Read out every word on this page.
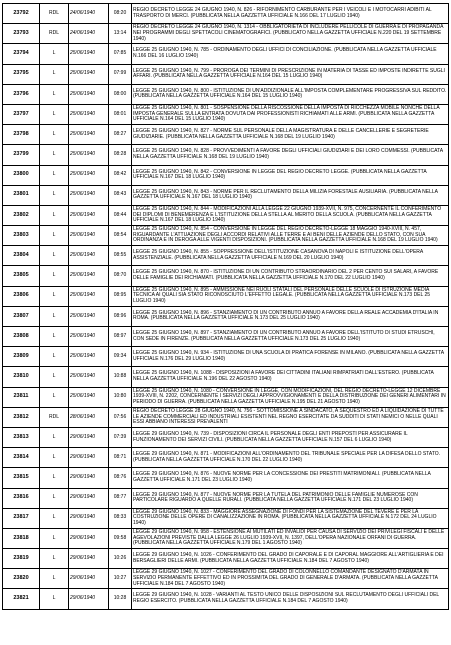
23792	RDL	24/06/1940	08:20	REGIO DECRETO LEGGE 24 GIUGNO 1940, N. 826 - RIFORNIMENTO CARBURANTE PER I VEICOLI E I MOTOCARRI ADIBITI AL TRASPORTO DI MERCI. (PUBBLICATA NELLA GAZZETTA UFFICIALE N.166 DEL 17 LUGLIO 1940)
23793	RDL	24/06/1940	13:14	REGIO DECRETO LEGGE 24 GIUGNO 1940, N. 1314 - OBBLIGATORIETA DI INCLUDERE PELLICOLE DI GUERRA E DI PROPAGANDA NEI PROGRAMMI DEGLI SPETTACOLI CINEMATOGRAFICI. (PUBBLICATO NELLA GAZZETTA UFFICIALE N.220 DEL 19 SETTEMBRE 1940)
23794	L	25/06/1940	07:85	LEGGE 25 GIUGNO 1940, N. 785 - ORDINAMENTO DEGLI UFFICI DI CONCILIAZIONE. (PUBBLICATA NELLA GAZZETTA UFFICIALE N.166 DEL 16 LUGLIO 1940)
23795	L	25/06/1940	07:99	LEGGE 25 GIUGNO 1940, N. 799 - PROROGA DEI TERMINI DI PRESCRIZIONE IN MATERIA DI TASSE ED IMPOSTE INDIRETTE SUGLI AFFARI. (PUBBLICATA NELLA GAZZETTA UFFICIALE N.164 DEL 15 LUGLIO 1940)
23796	L	25/06/1940	08:00	LEGGE 25 GIUGNO 1940, N. 800 - ISTITUZIONE DI UN'ADDIZIONALE ALL'IMPOSTA COMPLEMENTARE PROGRESSIVA SUL REDDITO. (PUBBLICATA NELLA GAZZETTA UFFICIALE N.164 DEL 15 LUGLIO 1940)
23797	L	25/06/1940	08:01	LEGGE 25 GIUGNO 1940, N. 801 - SOSPENSIONE DELLA RISCOSSIONE DELLA IMPOSTA DI RICCHEZZA MOBILE NONCHE DELLA IMPOSTA GENERALE SULLA ENTRATA DOVUTA DAI PROFESSIONISTI RICHIAMATI ALLE ARMI. (PUBBLICATA NELLA GAZZETTA UFFICIALE N.164 DEL 15 LUGLIO 1940)
23798	L	25/06/1940	08:27	LEGGE 25 GIUGNO 1940, N. 827 - NORME SUL PERSONALE DELLA MAGISTRATURA E DELLE CANCELLERIE E SEGRETERIE GIUDIZIARIE. (PUBBLICATA NELLA GAZZETTA UFFICIALE N.168 DEL 19 LUGLIO 1940)
23799	L	25/06/1940	08:28	LEGGE 25 GIUGNO 1940, N. 828 - PROVVEDIMENTI A FAVORE DEGLI UFFICIALI GIUDIZIARI E DEI LORO COMMESSI. (PUBBLICATA NELLA GAZZETTA UFFICIALE N.168 DEL 19 LUGLIO 1940)
23800	L	25/06/1940	08:42	LEGGE 25 GIUGNO 1940, N. 842 - CONVERSIONE IN LEGGE DEL REGIO DECRETO LEGGE. (PUBBLICATA NELLA GAZZETTA UFFICIALE N.167 DEL 18 LUGLIO 1940)
23801	L	25/06/1940	08:43	LEGGE 25 GIUGNO 1940, N. 843 - NORME PER IL RECLUTAMENTO DELLA MILIZIA FORESTALE AUSILIARIA. (PUBBLICATA NELLA GAZZETTA UFFICIALE N.167 DEL 18 LUGLIO 1940)
23802	L	25/06/1940	08:44	LEGGE 25 GIUGNO 1940, N. 844 - MODIFICAZIONI ALLA LEGGE 22 GIUGNO 1939-XVII, N. 975, CONCERNENTE IL CONFERIMENTO DEI DIPLOMI DI BENEMERENZA E L'ISTITUZIONE DELLA STELLA AL MERITO DELLA SCUOLA. (PUBBLICATA NELLA GAZZETTA UFFICIALE N.167 DEL 18 LUGLIO 1940)
23803	L	25/06/1940	08:54	LEGGE 25 GIUGNO 1940, N. 854 - CONVERSIONE IN LEGGE DEL REGIO DECRETO-LEGGE 18 MAGGIO 1940-XVIII, N. 457, RIGUARDANTE L'ATTUAZIONE DEGLI ACCORDI RELATIVI ALLE TERRE E AI BENI DELLE AZIENDE DELLO STATO, CON SUA ORDINANZA E IN DEROGA ALLE VIGENTI DISPOSIZIONI. (PUBBLICATA NELLA GAZZETTA UFFICIALE N.168 DEL 19 LUGLIO 1940)
23804	L	25/06/1940	08:55	LEGGE 25 GIUGNO 1940, N. 855 - SOPPRESSIONE DELL'ISTITUZIONE CASANOVA DI NAPOLI E ISTITUZIONE DELL'OPERA ASSISTENZIALE. (PUBBLICATA NELLA GAZZETTA UFFICIALE N.169 DEL 20 LUGLIO 1940)
23805	L	25/06/1940	08:70	LEGGE 25 GIUGNO 1940, N. 870 - ISTITUZIONE DI UN CONTRIBUTO STRAORDINARIO DEL 2 PER CENTO SUI SALARI, A FAVORE DELLE FAMIGLIE DEI RICHIAMATI. (PUBBLICATA NELLA GAZZETTA UFFICIALE N.170 DEL 22 LUGLIO 1940)
23806	L	25/06/1940	08:95	LEGGE 25 GIUGNO 1940, N. 895 - AMMISSIONE NEI RUOLI STATALI DEL PERSONALE DELLE SCUOLE DI ISTRUZIONE MEDIA TECNICA AI QUALI SIA STATO RICONOSCIUTO L'EFFETTO LEGALE. (PUBBLICATA NELLA GAZZETTA UFFICIALE N.173 DEL 25 LUGLIO 1940)
23807	L	25/06/1940	08:96	LEGGE 25 GIUGNO 1940, N. 896 - STANZIAMENTO DI UN CONTRIBUTO ANNUO A FAVORE DELLA REALE ACCADEMIA D'ITALIA IN ROMA. (PUBBLICATA NELLA GAZZETTA UFFICIALE N.173 DEL 25 LUGLIO 1940)
23808	L	25/06/1940	08:97	LEGGE 25 GIUGNO 1940, N. 897 - STANZIAMENTO DI UN CONTRIBUTO ANNUO A FAVORE DELL'ISTITUTO DI STUDI ETRUSCHI, CON SEDE IN FIRENZE. (PUBBLICATA NELLA GAZZETTA UFFICIALE N.173 DEL 25 LUGLIO 1940)
23809	L	25/06/1940	09:34	LEGGE 25 GIUGNO 1940, N. 934 - ISTITUZIONE DI UNA SCUOLA DI PRATICA FORENSE IN MILANO. (PUBBLICATA NELLA GAZZETTA UFFICIALE N.176 DEL 29 LUGLIO 1940)
23810	L	25/06/1940	10:88	LEGGE 25 GIUGNO 1940, N. 1088 - DISPOSIZIONI A FAVORE DEI CITTADINI ITALIANI RIMPATRIATI DALL'ESTERO. (PUBBLICATA NELLA GAZZETTA UFFICIALE N.196 DEL 22 AGOSTO 1940)
23811	L	25/06/1940	10:80	LEGGE 25 GIUGNO 1940, N. 1080 - CONVERSIONE IN LEGGE, CON MODIFICAZIONI, DEL REGIO DECRETO-LEGGE 12 DICEMBRE 1939-XVIII, N. 2202, CONCERNENTE I SERVIZI DEGLI APPROVVIGIONAMENTI E DELLA DISTRIBUZIONE DEI GENERI ALIMENTARI IN PERIODO DI GUERRA. (PUBBLICATA NELLA GAZZETTA UFFICIALE N.195 DEL 21 AGOSTO 1940)
23812	RDL	28/06/1940	07:56	REGIO DECRETO LEGGE 28 GIUGNO 1940, N. 756 - SOTTOMISSIONE A SINDACATO, A SEQUESTRO ED A LIQUIDAZIONE DI TUTTE LE AZIENDE COMMERCIALI ED INDUSTRIALI ESISTENTI NEL REGNO ESERCITATE DA SUDDITI DI STATI NEMICI O NELLE QUALI ESSI ABBIANO INTERESSI PREVALENTI
23813	L	29/06/1940	07:39	LEGGE 29 GIUGNO 1940, N. 739 - DISPOSIZIONI CIRCA IL PERSONALE DEGLI ENTI PREPOSTI PER ASSICURARE IL FUNZIONAMENTO DEI SERVIZI CIVILI. (PUBBLICATA NELLA GAZZETTA UFFICIALE N.157 DEL 6 LUGLIO 1940)
23814	L	29/06/1940	08:71	LEGGE 29 GIUGNO 1940, N. 871 - MODIFICAZIONI ALL'ORDINAMENTO DEL TRIBUNALE SPECIALE PER LA DIFESA DELLO STATO. (PUBBLICATA NELLA GAZZETTA UFFICIALE N.170 DEL 22 LUGLIO 1940)
23815	L	29/06/1940	08:76	LEGGE 29 GIUGNO 1940, N. 876 - NUOVE NORME PER LA CONCESSIONE DEI PRESTITI MATRIMONIALI. (PUBBLICATA NELLA GAZZETTA UFFICIALE N.171 DEL 23 LUGLIO 1940)
23816	L	29/06/1940	08:77	LEGGE 29 GIUGNO 1940, N. 877 - NUOVE NORME PER LA TUTELA DEL PATRIMONIO DELLE FAMIGLIE NUMEROSE CON PARTICOLARE RIGUARDO A QUELLE RURALI. (PUBBLICATA NELLA GAZZETTA UFFICIALE N.171 DEL 23 LUGLIO 1940)
23817	L	29/06/1940	08:33	LEGGE 29 GIUGNO 1940, N. 833 - MAGGIORE ASSEGNAZIONE DI FONDI PER LA SISTEMAZIONE DEL TEVERE E PER LA COSTRUZIONE DELLE OPERE DI CANALIZZAZIONE IN ROMA. (PUBBLICATA NELLA GAZZETTA UFFICIALE N.172 DEL 24 LUGLIO 1940)
23818	L	29/06/1940	09:58	LEGGE 29 GIUGNO 1940, N. 958 - ESTENSIONE AI MUTILATI ED INVALIDI PER CAUSA DI SERVIZIO DEI PRIVILEGI FISCALI E DELLE AGEVOLAZIONI PREVISTE DALLA LEGGE 26 LUGLIO 1939-XVII, N. 1397, DELL'OPERA NAZIONALE ORFANI DI GUERRA. (PUBBLICATA NELLA GAZZETTA UFFICIALE N.179 DEL 1 AGOSTO 1940)
23819	L	29/06/1940	10:26	LEGGE 29 GIUGNO 1940, N. 1026 - CONFERIMENTO DEL GRADO DI CAPORALE E DI CAPORAL MAGGIORE ALL'ARTIGLIERIA E DEI BERSAGLIERI DELLE ARMI. (PUBBLICATA NELLA GAZZETTA UFFICIALE N.184 DEL 7 AGOSTO 1940)
23820	L	29/06/1940	10:27	LEGGE 29 GIUGNO 1940, N. 1027 - CONFERIMENTO DEL GRADO DI COLONNELLO COMANDANTE DESIGNATO D'ARMATA IN SERVIZIO PERMANENTE EFFETTIVO ED IN PROSSIMITA DEL GRADO DI GENERALE D'ARMATA. (PUBBLICATA NELLA GAZZETTA UFFICIALE N.184 DEL 7 AGOSTO 1940)
23821	L	29/06/1940	10:28	LEGGE 29 GIUGNO 1940, N. 1028 - VARIANTI AL TESTO UNICO DELLE DISPOSIZIONI SUL RECLUTAMENTO DEGLI UFFICIALI DEL REGIO ESERCITO. (PUBBLICATA NELLA GAZZETTA UFFICIALE N.184 DEL 7 AGOSTO 1940)
